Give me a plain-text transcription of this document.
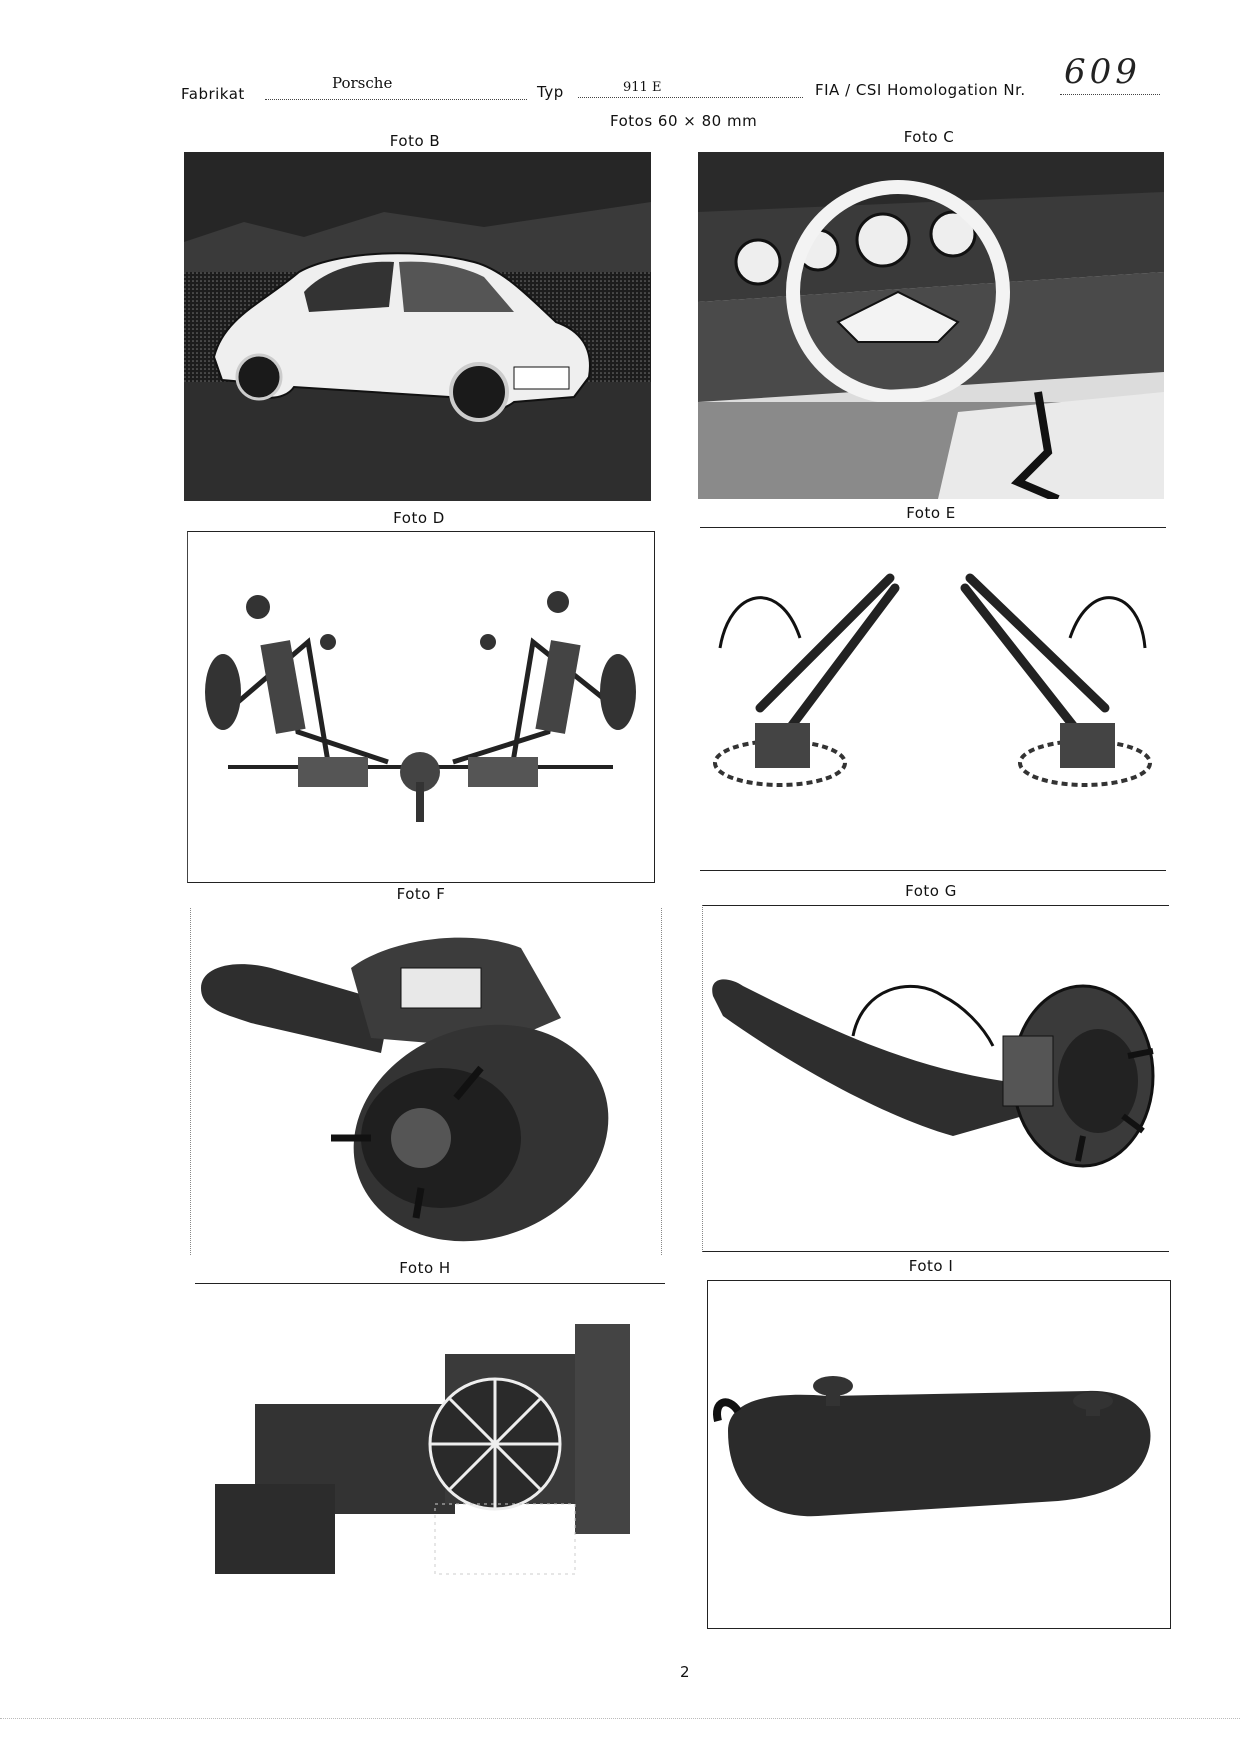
Fabrikat
Porsche	Typ	911 E	FIA / CSI Homologation Nr. 609
Fotos 60 × 80 mm
Foto B	Foto C
Foto D	Foto E
Foto F	Foto G
Foto H	Foto I
2
